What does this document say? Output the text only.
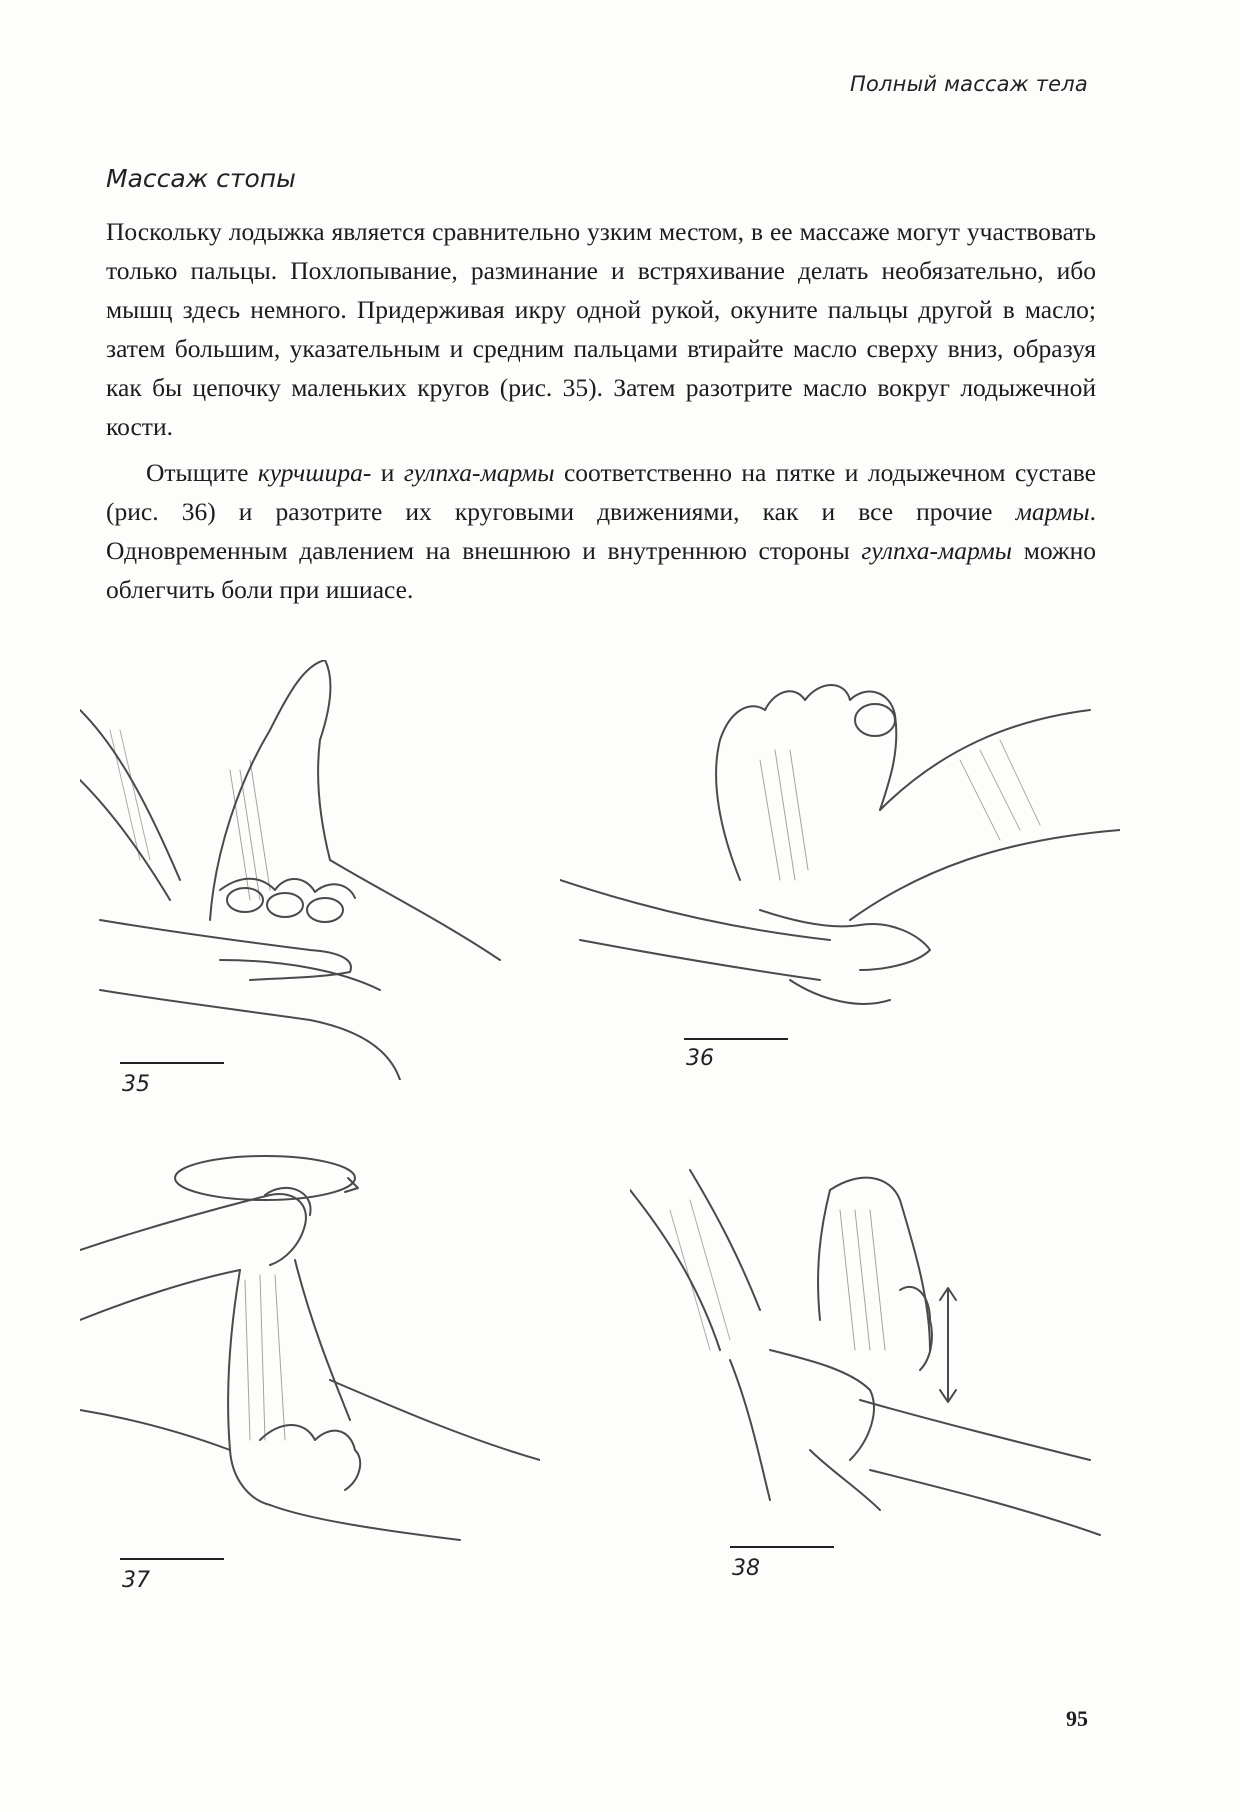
Полный массаж тела
Массаж стопы

Поскольку лодыжка является сравнительно узким местом, в ее массаже могут участвовать только пальцы. Похлопывание, разминание и встряхивание делать необязательно, ибо мышц здесь немного. Придерживая икру одной рукой, окуните пальцы другой в масло; затем большим, указательным и средним пальцами втирайте масло сверху вниз, образуя как бы цепочку маленьких кругов (рис. 35). Затем разотрите масло вокруг лодыжечной кости.

Отыщите курчшира- и гулпха-мармы соответственно на пятке и лодыжечном суставе (рис. 36) и разотрите их круговыми движениями, как и все прочие мармы. Одновременным давлением на внешнюю и внутреннюю стороны гулпха-мармы можно облегчить боли при ишиасе.

35
36
37	38
95
